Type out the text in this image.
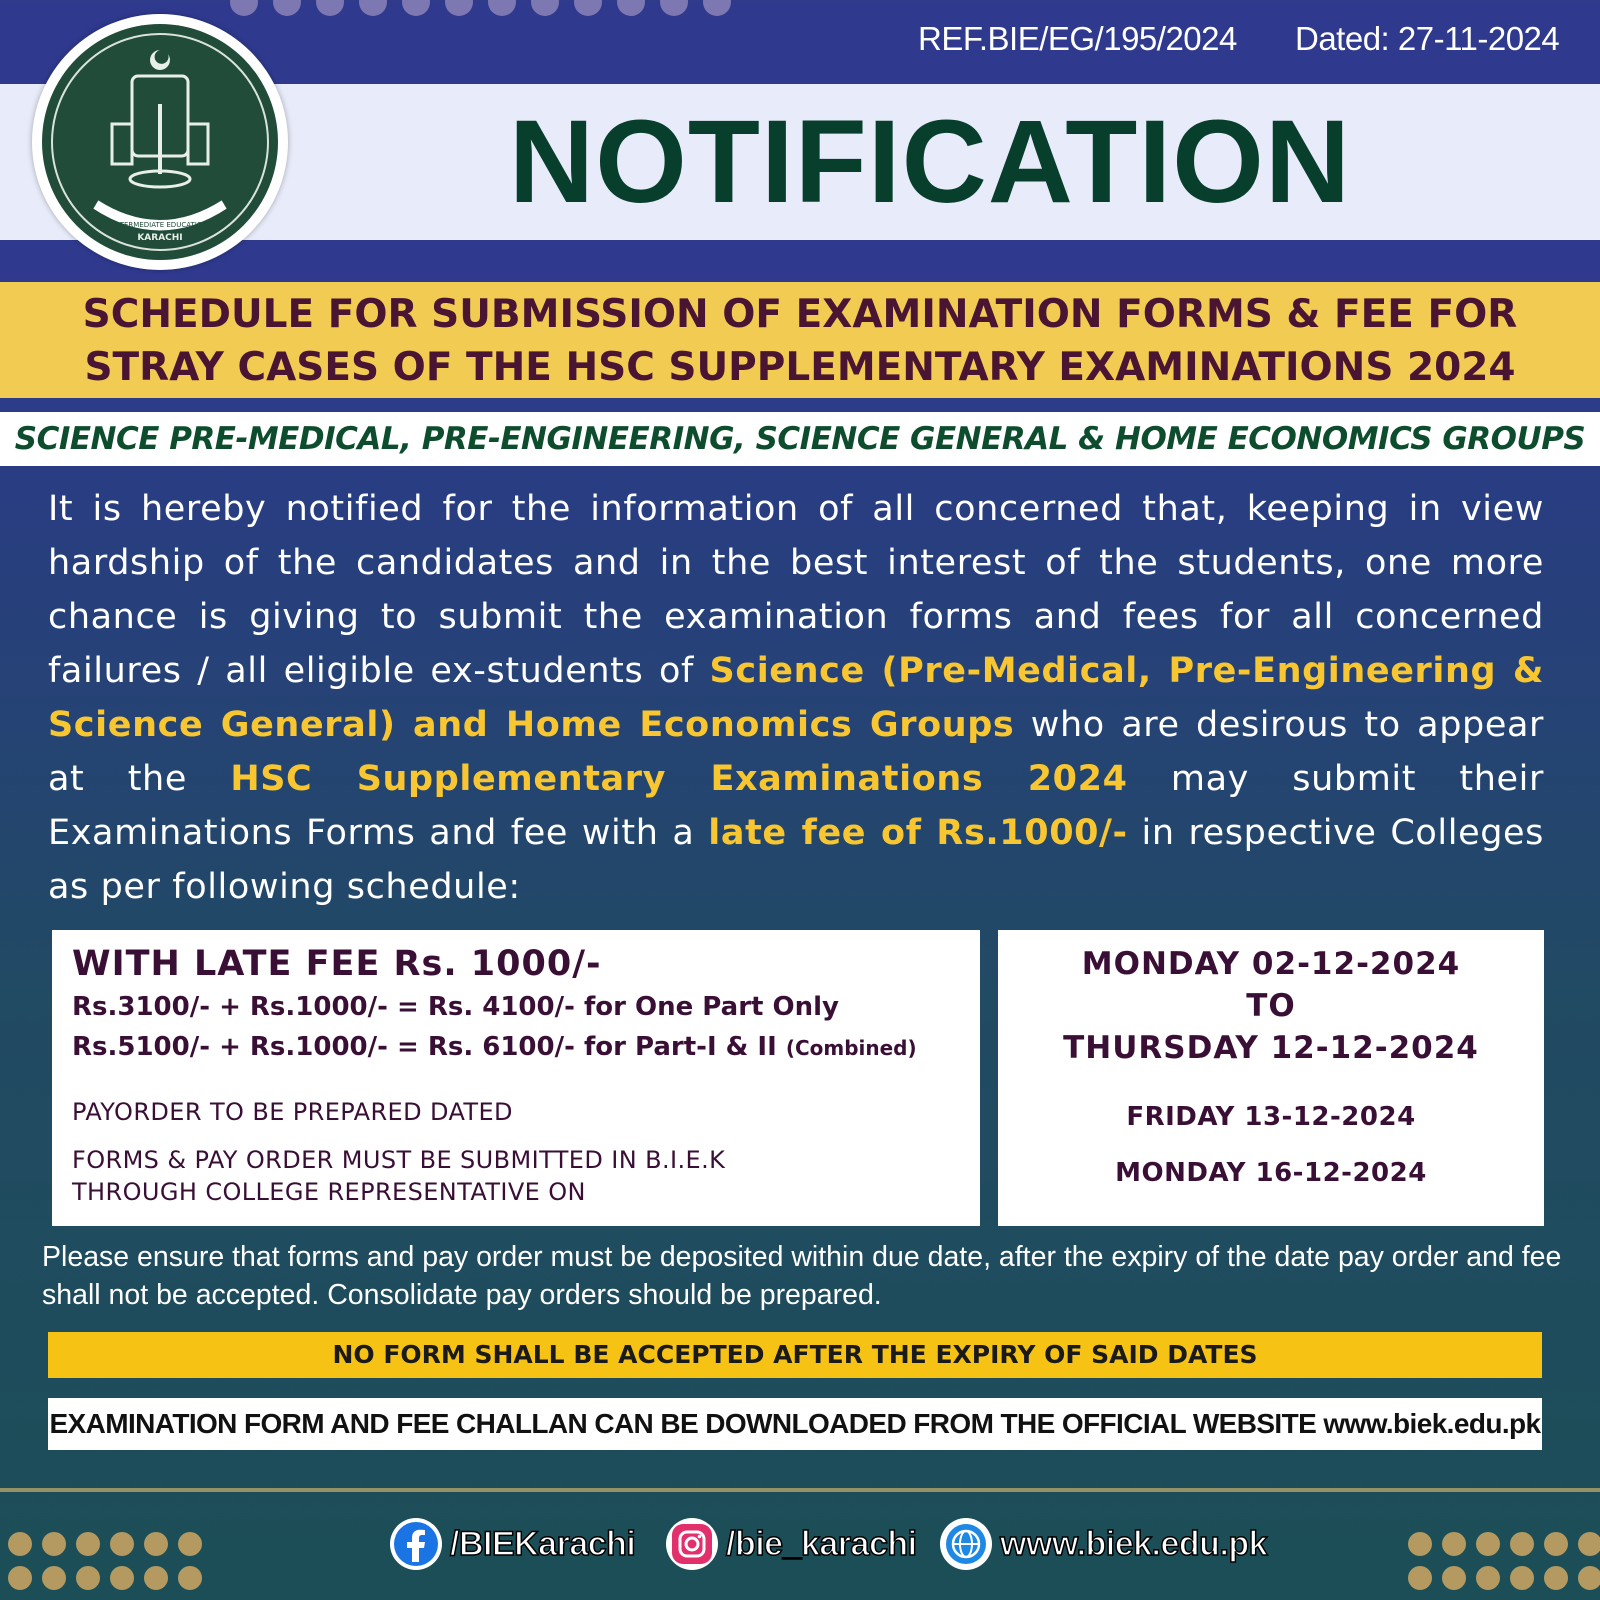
REF.BIE/EG/195/2024 Dated: 27-11-2024
NOTIFICATION
BOARD OF
INTERMEDIATE EDUCATION
KARACHI
SCHEDULE FOR SUBMISSION OF EXAMINATION FORMS & FEE FOR
STRAY CASES OF THE HSC SUPPLEMENTARY EXAMINATIONS 2024
SCIENCE PRE-MEDICAL, PRE-ENGINEERING, SCIENCE GENERAL & HOME ECONOMICS GROUPS
It is hereby notified for the information of all concerned that, keeping in view hardship of the candidates and in the best interest of the students, one more chance is giving to submit the examination forms and fees for all concerned failures / all eligible ex-students of Science (Pre-Medical, Pre-Engineering & Science General) and Home Economics Groups who are desirous to appear at the HSC Supplementary Examinations 2024 may submit their Examinations Forms and fee with a late fee of Rs.1000/- in respective Colleges as per following schedule:
WITH LATE FEE Rs. 1000/-
Rs.3100/- + Rs.1000/- = Rs. 4100/- for One Part Only
Rs.5100/- + Rs.1000/- = Rs. 6100/- for Part-I & II (Combined)
PAYORDER TO BE PREPARED DATED
FORMS & PAY ORDER MUST BE SUBMITTED IN B.I.E.K
THROUGH COLLEGE REPRESENTATIVE ON
MONDAY 02-12-2024
TO
THURSDAY 12-12-2024
FRIDAY 13-12-2024
MONDAY 16-12-2024
Please ensure that forms and pay order must be deposited within due date, after the expiry of the date pay order and fee shall not be accepted. Consolidate pay orders should be prepared.
NO FORM SHALL BE ACCEPTED AFTER THE EXPIRY OF SAID DATES
EXAMINATION FORM AND FEE CHALLAN CAN BE DOWNLOADED FROM THE OFFICIAL WEBSITE www.biek.edu.pk
/BIEKarachi	/bie_karachi www.biek.edu.pk
